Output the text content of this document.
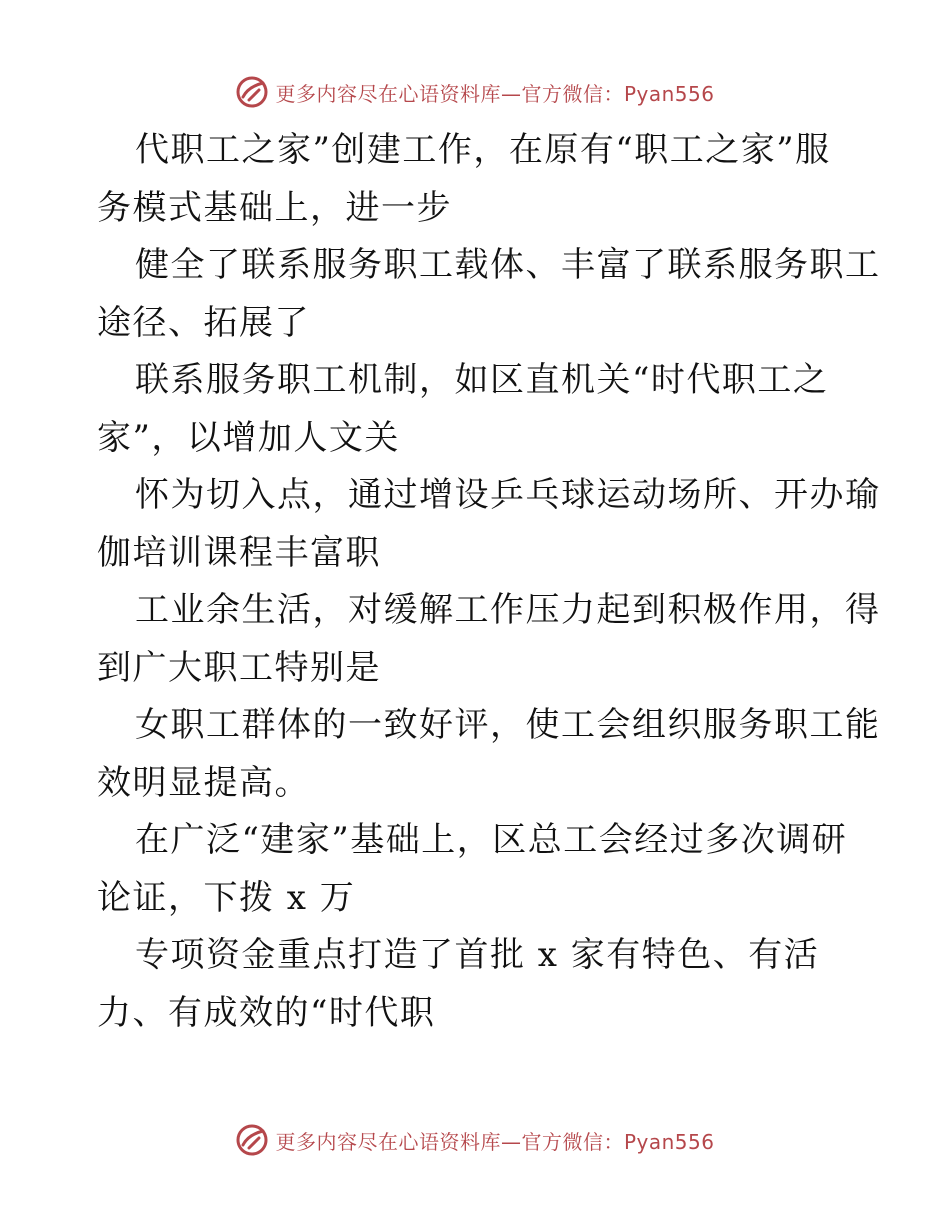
更多内容尽在心语资料库—官方微信：Pyan556
代职工之家”创建工作，在原有“职工之家”服
务模式基础上，进一步
健全了联系服务职工载体、丰富了联系服务职工
途径、拓展了
联系服务职工机制，如区直机关“时代职工之
家”，以增加人文关
怀为切入点，通过增设乒乓球运动场所、开办瑜
伽培训课程丰富职
工业余生活，对缓解工作压力起到积极作用，得
到广大职工特别是
女职工群体的一致好评，使工会组织服务职工能
效明显提高。
在广泛“建家”基础上，区总工会经过多次调研
论证，下拨 x 万
专项资金重点打造了首批 x 家有特色、有活
力、有成效的“时代职
更多内容尽在心语资料库—官方微信：Pyan556
